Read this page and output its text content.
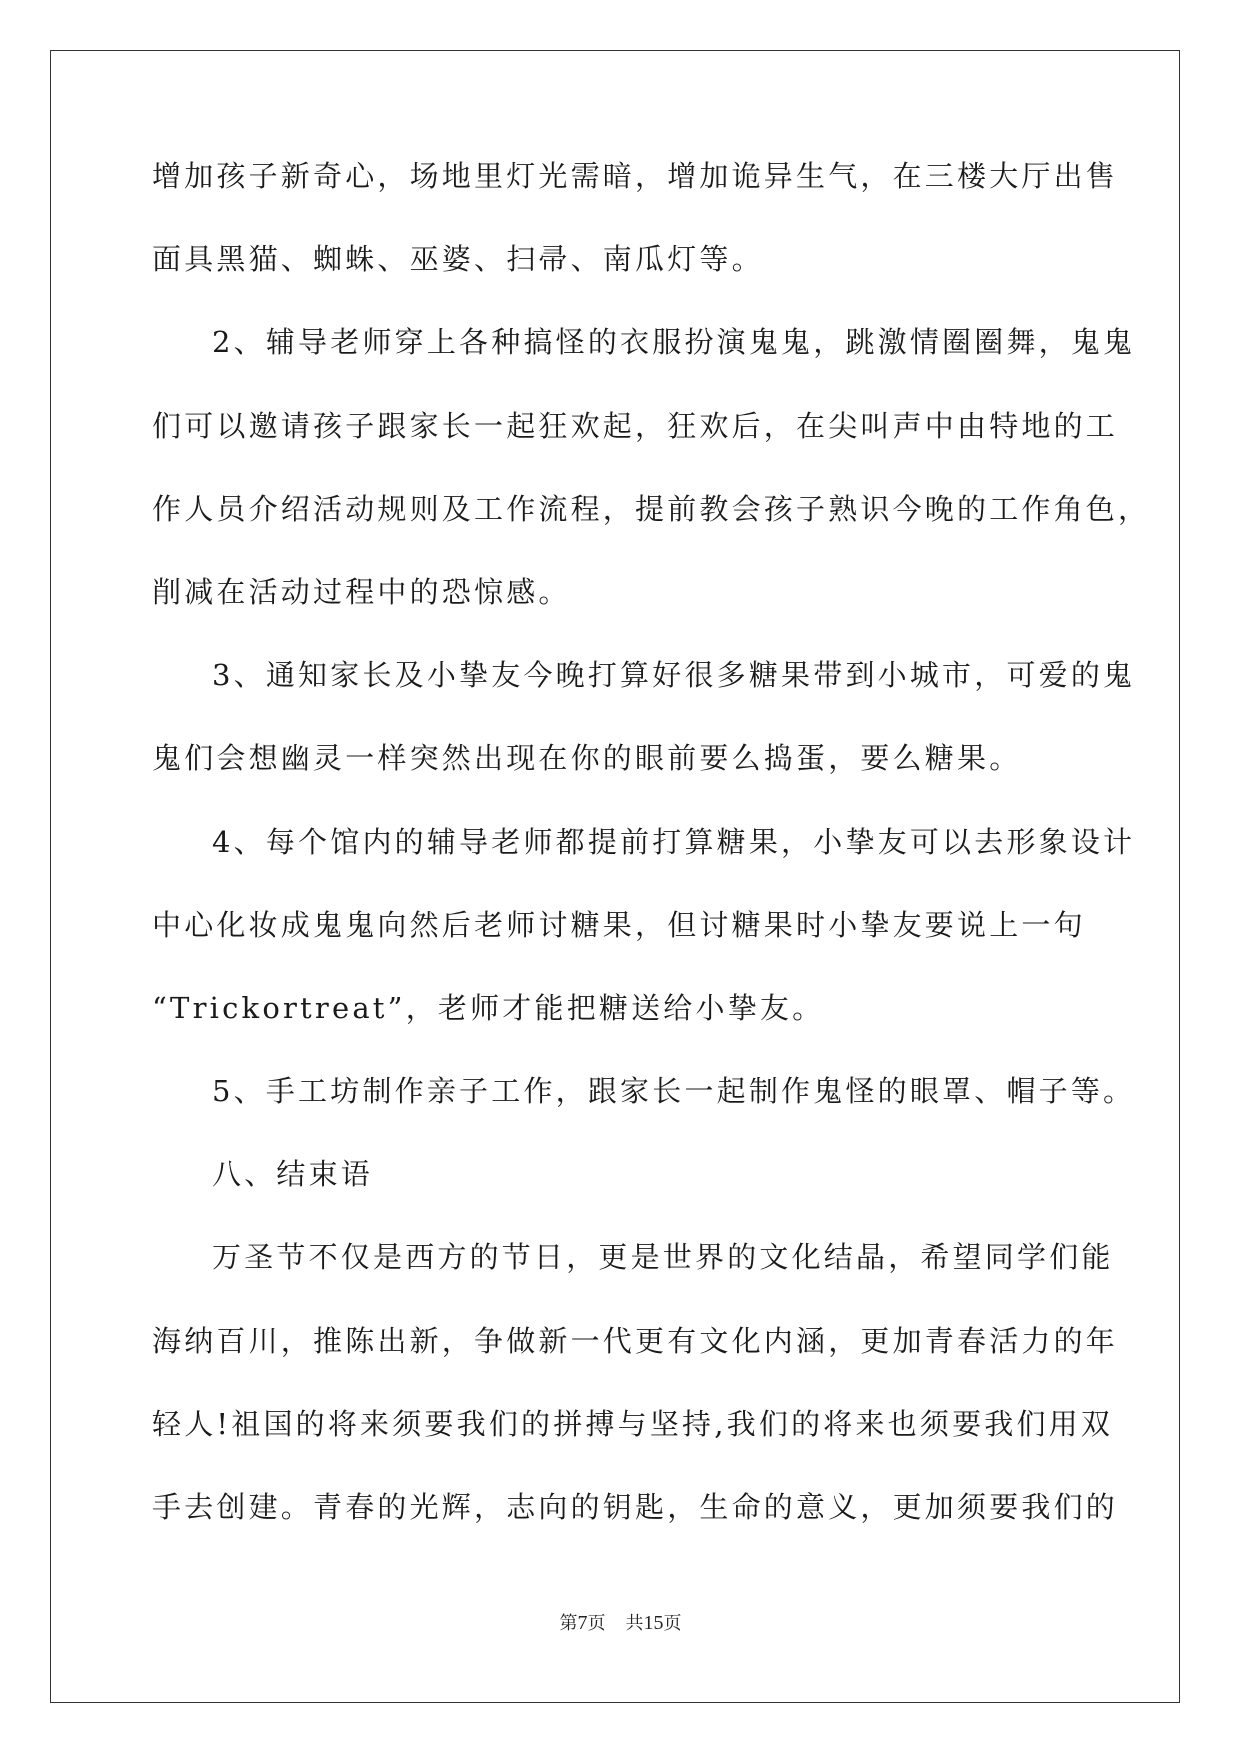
增加孩子新奇心，场地里灯光需暗，增加诡异生气，在三楼大厅出售
面具黑猫、蜘蛛、巫婆、扫帚、南瓜灯等。
2、辅导老师穿上各种搞怪的衣服扮演鬼鬼，跳激情圈圈舞，鬼鬼
们可以邀请孩子跟家长一起狂欢起，狂欢后，在尖叫声中由特地的工
作人员介绍活动规则及工作流程，提前教会孩子熟识今晚的工作角色，
削减在活动过程中的恐惊感。
3、通知家长及小挚友今晚打算好很多糖果带到小城市，可爱的鬼
鬼们会想幽灵一样突然出现在你的眼前要么捣蛋，要么糖果。
4、每个馆内的辅导老师都提前打算糖果，小挚友可以去形象设计
中心化妆成鬼鬼向然后老师讨糖果，但讨糖果时小挚友要说上一句
“Trickortreat”，老师才能把糖送给小挚友。
5、手工坊制作亲子工作，跟家长一起制作鬼怪的眼罩、帽子等。
八、结束语
万圣节不仅是西方的节日，更是世界的文化结晶，希望同学们能
海纳百川，推陈出新，争做新一代更有文化内涵，更加青春活力的年
轻人!祖国的将来须要我们的拼搏与坚持,我们的将来也须要我们用双
手去创建。青春的光辉，志向的钥匙，生命的意义，更加须要我们的
第7页 共15页
